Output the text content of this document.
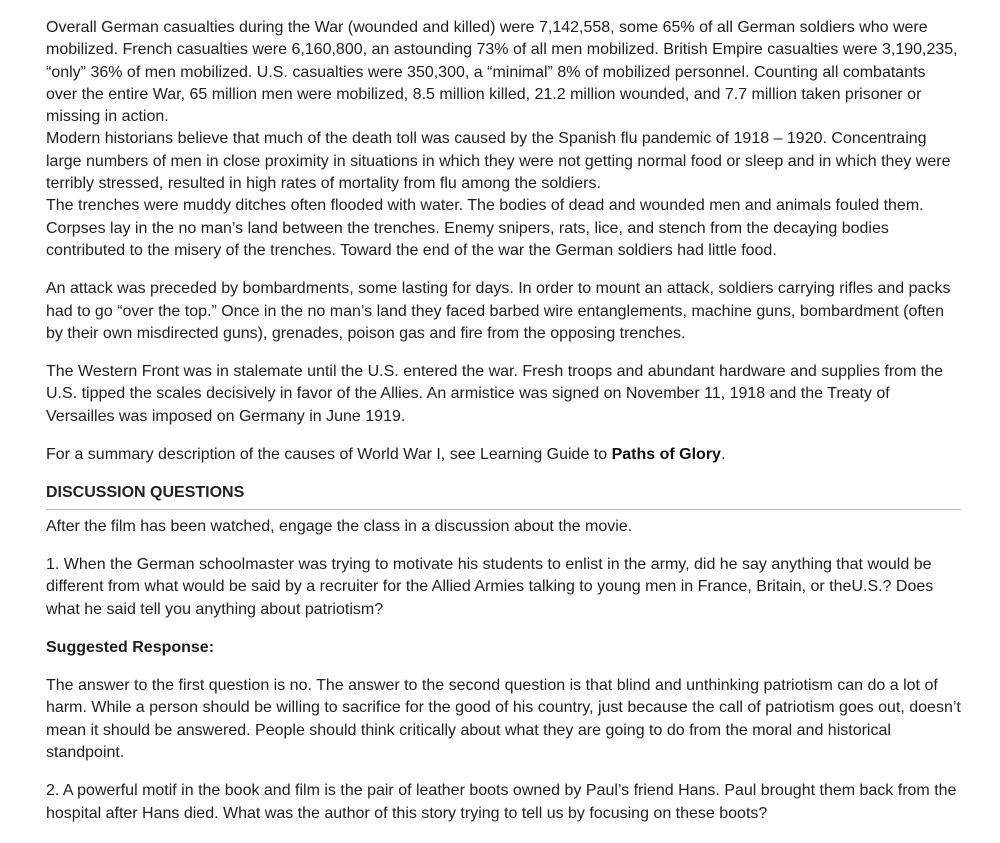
Overall German casualties during the War (wounded and killed) were 7,142,558, some 65% of all German soldiers who were mobilized. French casualties were 6,160,800, an astounding 73% of all men mobilized. British Empire casualties were 3,190,235, “only” 36% of men mobilized. U.S. casualties were 350,300, a “minimal” 8% of mobilized personnel. Counting all combatants over the entire War, 65 million men were mobilized, 8.5 million killed, 21.2 million wounded, and 7.7 million taken prisoner or missing in action.

Modern historians believe that much of the death toll was caused by the Spanish flu pandemic of 1918 – 1920. Concentraing large numbers of men in close proximity in situations in which they were not getting normal food or sleep and in which they were terribly stressed, resulted in high rates of mortality from flu among the soldiers.

The trenches were muddy ditches often flooded with water. The bodies of dead and wounded men and animals fouled them. Corpses lay in the no man’s land between the trenches. Enemy snipers, rats, lice, and stench from the decaying bodies contributed to the misery of the trenches. Toward the end of the war the German soldiers had little food.

An attack was preceded by bombardments, some lasting for days. In order to mount an attack, soldiers carrying rifles and packs had to go “over the top.” Once in the no man’s land they faced barbed wire entanglements, machine guns, bombardment (often by their own misdirected guns), grenades, poison gas and fire from the opposing trenches.

The Western Front was in stalemate until the U.S. entered the war. Fresh troops and abundant hardware and supplies from the U.S. tipped the scales decisively in favor of the Allies. An armistice was signed on November 11, 1918 and the Treaty of Versailles was imposed on Germany in June 1919.

For a summary description of the causes of World War I, see Learning Guide to Paths of Glory.

DISCUSSION QUESTIONS

After the film has been watched, engage the class in a discussion about the movie.

1. When the German schoolmaster was trying to motivate his students to enlist in the army, did he say anything that would be different from what would be said by a recruiter for the Allied Armies talking to young men in France, Britain, or theU.S.? Does what he said tell you anything about patriotism?

Suggested Response:

The answer to the first question is no. The answer to the second question is that blind and unthinking patriotism can do a lot of harm. While a person should be willing to sacrifice for the good of his country, just because the call of patriotism goes out, doesn’t mean it should be answered. People should think critically about what they are going to do from the moral and historical standpoint.

2. A powerful motif in the book and film is the pair of leather boots owned by Paul’s friend Hans. Paul brought them back from the hospital after Hans died. What was the author of this story trying to tell us by focusing on these boots?
